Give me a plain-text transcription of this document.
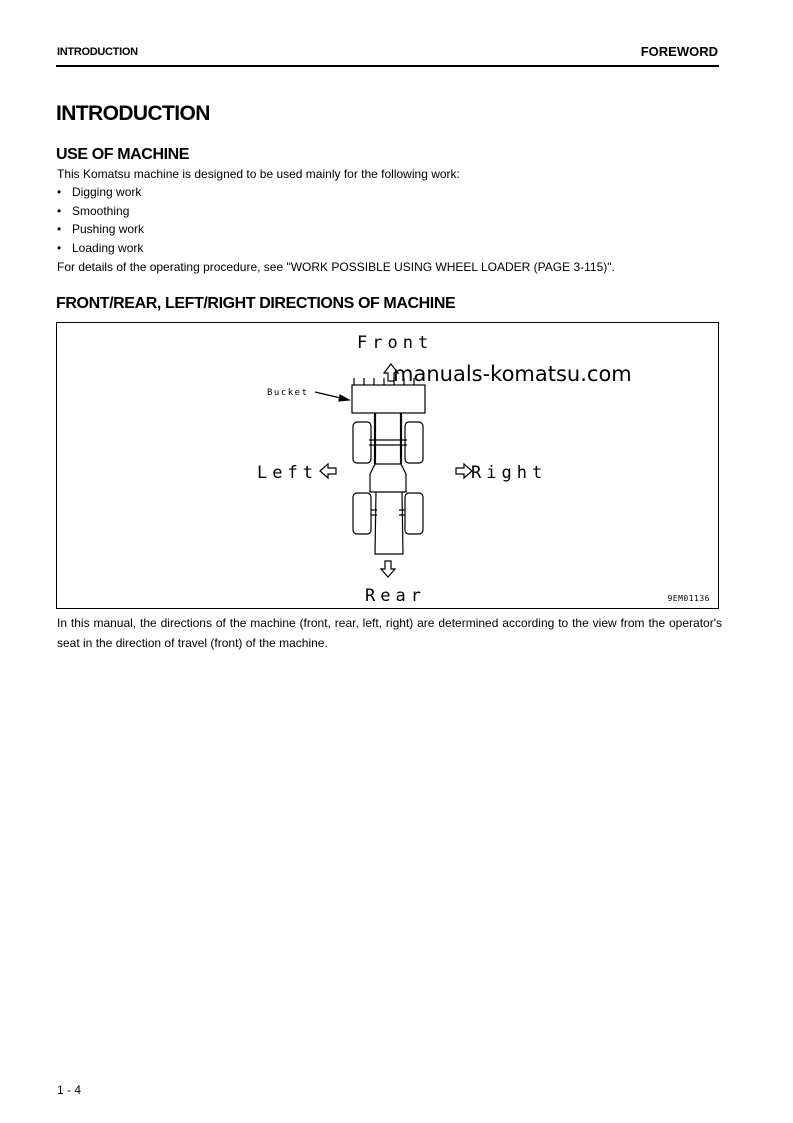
INTRODUCTION	FOREWORD
INTRODUCTION
USE OF MACHINE
This Komatsu machine is designed to be used mainly for the following work:
• Digging work
• Smoothing
• Pushing work
• Loading work
For details of the operating procedure, see "WORK POSSIBLE USING WHEEL LOADER (PAGE 3-115)".
FRONT/REAR, LEFT/RIGHT DIRECTIONS OF MACHINE
Front
Rear
Left	Right
Bucket
9EM01136
manuals-komatsu.com
In this manual, the directions of the machine (front, rear, left, right) are determined according to the view from the operator's seat in the direction of travel (front) of the machine.
1 - 4
